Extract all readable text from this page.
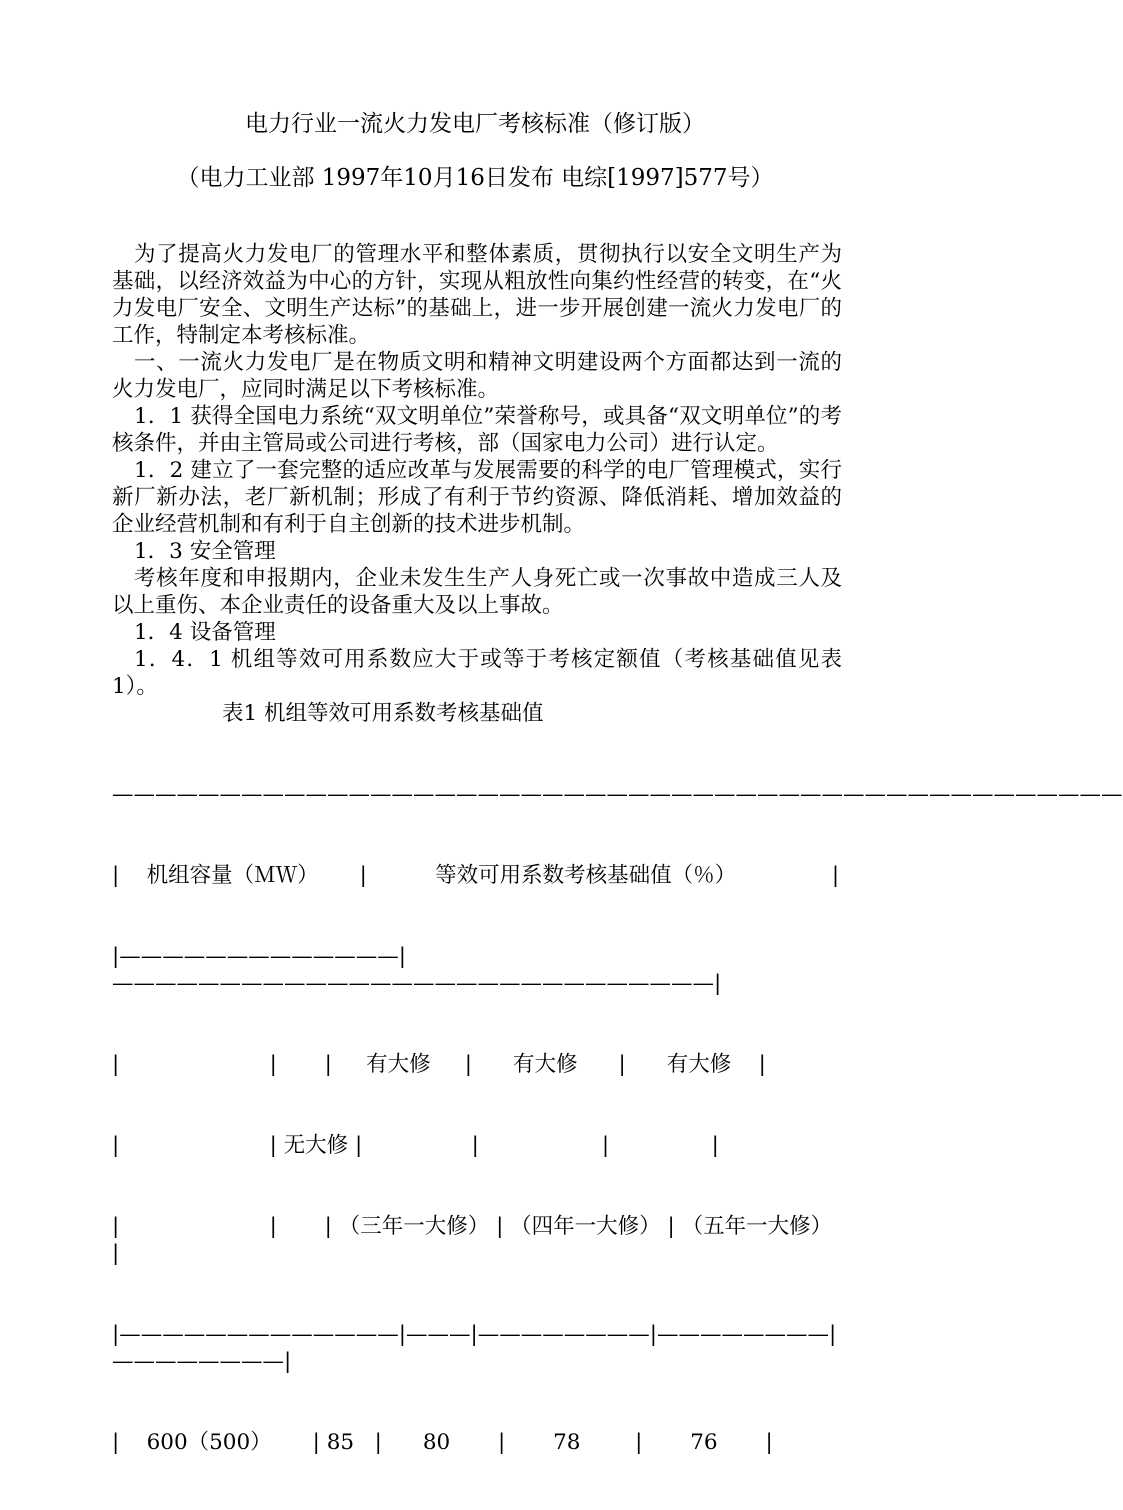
电力行业一流火力发电厂考核标准（修订版）
（电力工业部 1997年10月16日发布 电综[1997]577号）

为了提高火力发电厂的管理水平和整体素质，贯彻执行以安全文明生产为基础，以经济效益为中心的方针，实现从粗放性向集约性经营的转变，在“火力发电厂安全、文明生产达标”的基础上，进一步开展创建一流火力发电厂的工作，特制定本考核标准。

一、一流火力发电厂是在物质文明和精神文明建设两个方面都达到一流的火力发电厂，应同时满足以下考核标准。

1．1 获得全国电力系统“双文明单位”荣誉称号，或具备“双文明单位”的考核条件，并由主管局或公司进行考核，部（国家电力公司）进行认定。

1．2 建立了一套完整的适应改革与发展需要的科学的电厂管理模式，实行新厂新办法，老厂新机制；形成了有利于节约资源、降低消耗、增加效益的企业经营机制和有利于自主创新的技术进步机制。

1．3 安全管理

考核年度和申报期内，企业未发生生产人身死亡或一次事故中造成三人及以上重伤、本企业责任的设备重大及以上事故。

1．4 设备管理

1．4．1 机组等效可用系数应大于或等于考核定额值（考核基础值见表1）。

表1 机组等效可用系数考核基础值

———————————————————————————————————————————————

|    机组容量（ＭＷ）      |          等效可用系数考核基础值（％）              |

|—————————————|————————————————————————————|

|                      |       |     有大修     |      有大修      |      有大修    |

|                      | 无大修 |                |                  |               |

|                      |       | （三年一大修） | （四年一大修） | （五年一大修） |

|—————————————|———|————————|————————|————————|

|    600（500）      | 85   |      80       |       78        |       76       |
